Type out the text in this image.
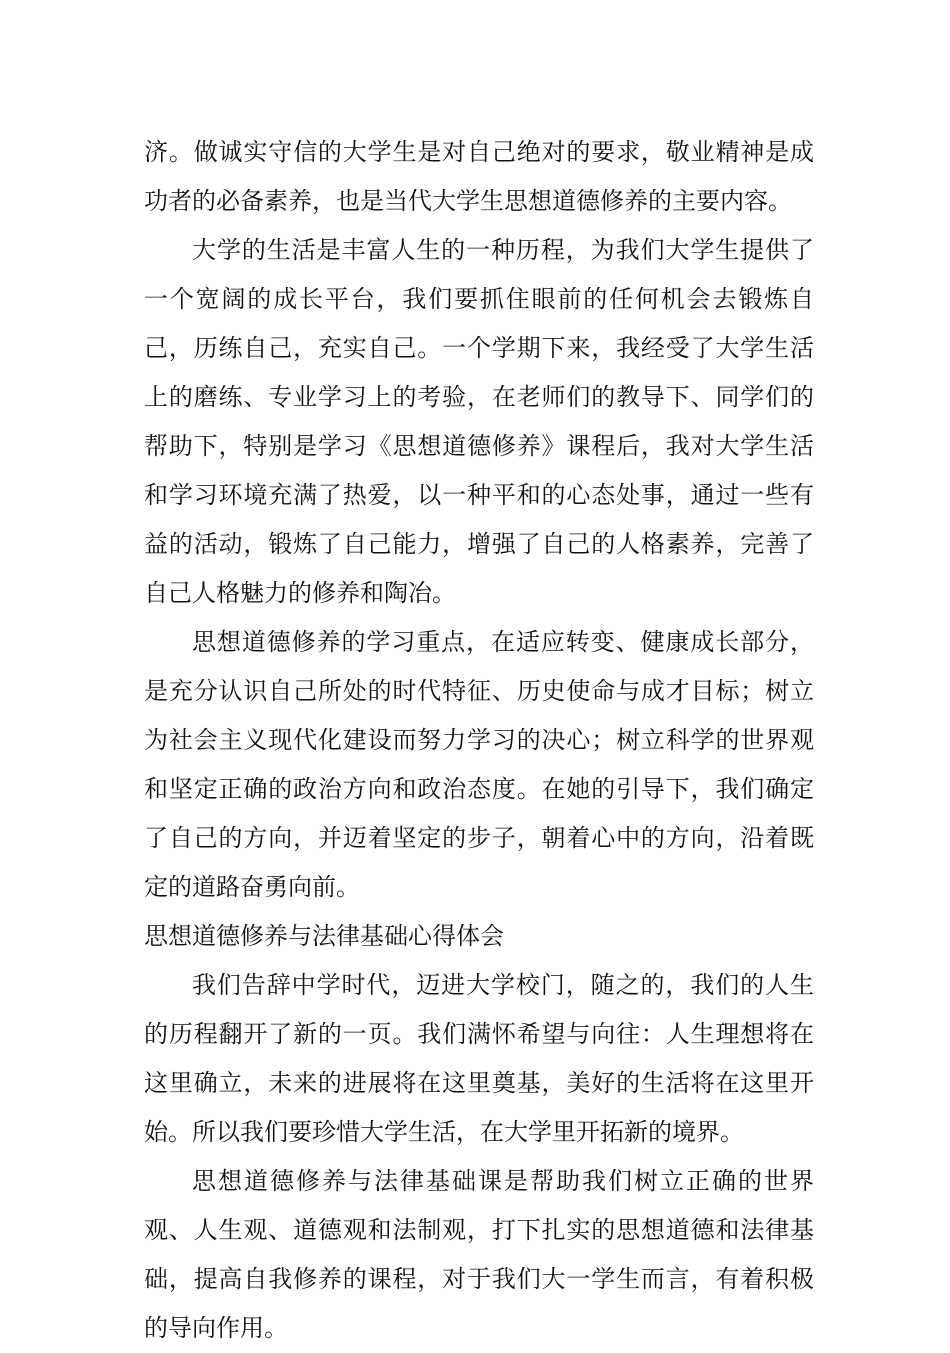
济。做诚实守信的大学生是对自己绝对的要求，敬业精神是成功者的必备素养，也是当代大学生思想道德修养的主要内容。

大学的生活是丰富人生的一种历程，为我们大学生提供了一个宽阔的成长平台，我们要抓住眼前的任何机会去锻炼自己，历练自己，充实自己。一个学期下来，我经受了大学生活上的磨练、专业学习上的考验，在老师们的教导下、同学们的帮助下，特别是学习《思想道德修养》课程后，我对大学生活和学习环境充满了热爱，以一种平和的心态处事，通过一些有益的活动，锻炼了自己能力，增强了自己的人格素养，完善了自己人格魅力的修养和陶冶。

思想道德修养的学习重点，在适应转变、健康成长部分，是充分认识自己所处的时代特征、历史使命与成才目标；树立为社会主义现代化建设而努力学习的决心；树立科学的世界观和坚定正确的政治方向和政治态度。在她的引导下，我们确定了自己的方向，并迈着坚定的步子，朝着心中的方向，沿着既定的道路奋勇向前。

思想道德修养与法律基础心得体会

我们告辞中学时代，迈进大学校门，随之的，我们的人生的历程翻开了新的一页。我们满怀希望与向往：人生理想将在这里确立，未来的进展将在这里奠基，美好的生活将在这里开始。所以我们要珍惜大学生活，在大学里开拓新的境界。

思想道德修养与法律基础课是帮助我们树立正确的世界观、人生观、道德观和法制观，打下扎实的思想道德和法律基础，提高自我修养的课程，对于我们大一学生而言，有着积极的导向作用。
